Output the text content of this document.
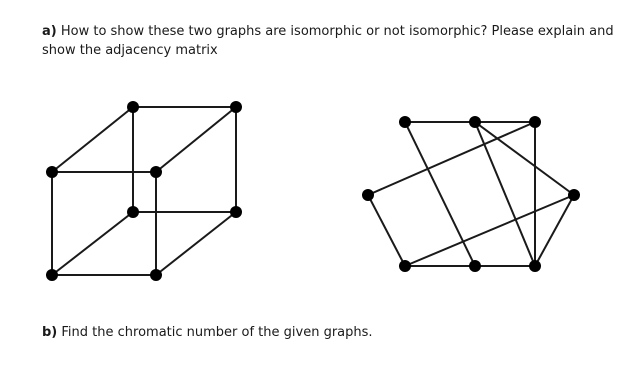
a) How to show these two graphs are isomorphic or not isomorphic? Please explain and show the adjacency matrix
b) Find the chromatic number of the given graphs.
